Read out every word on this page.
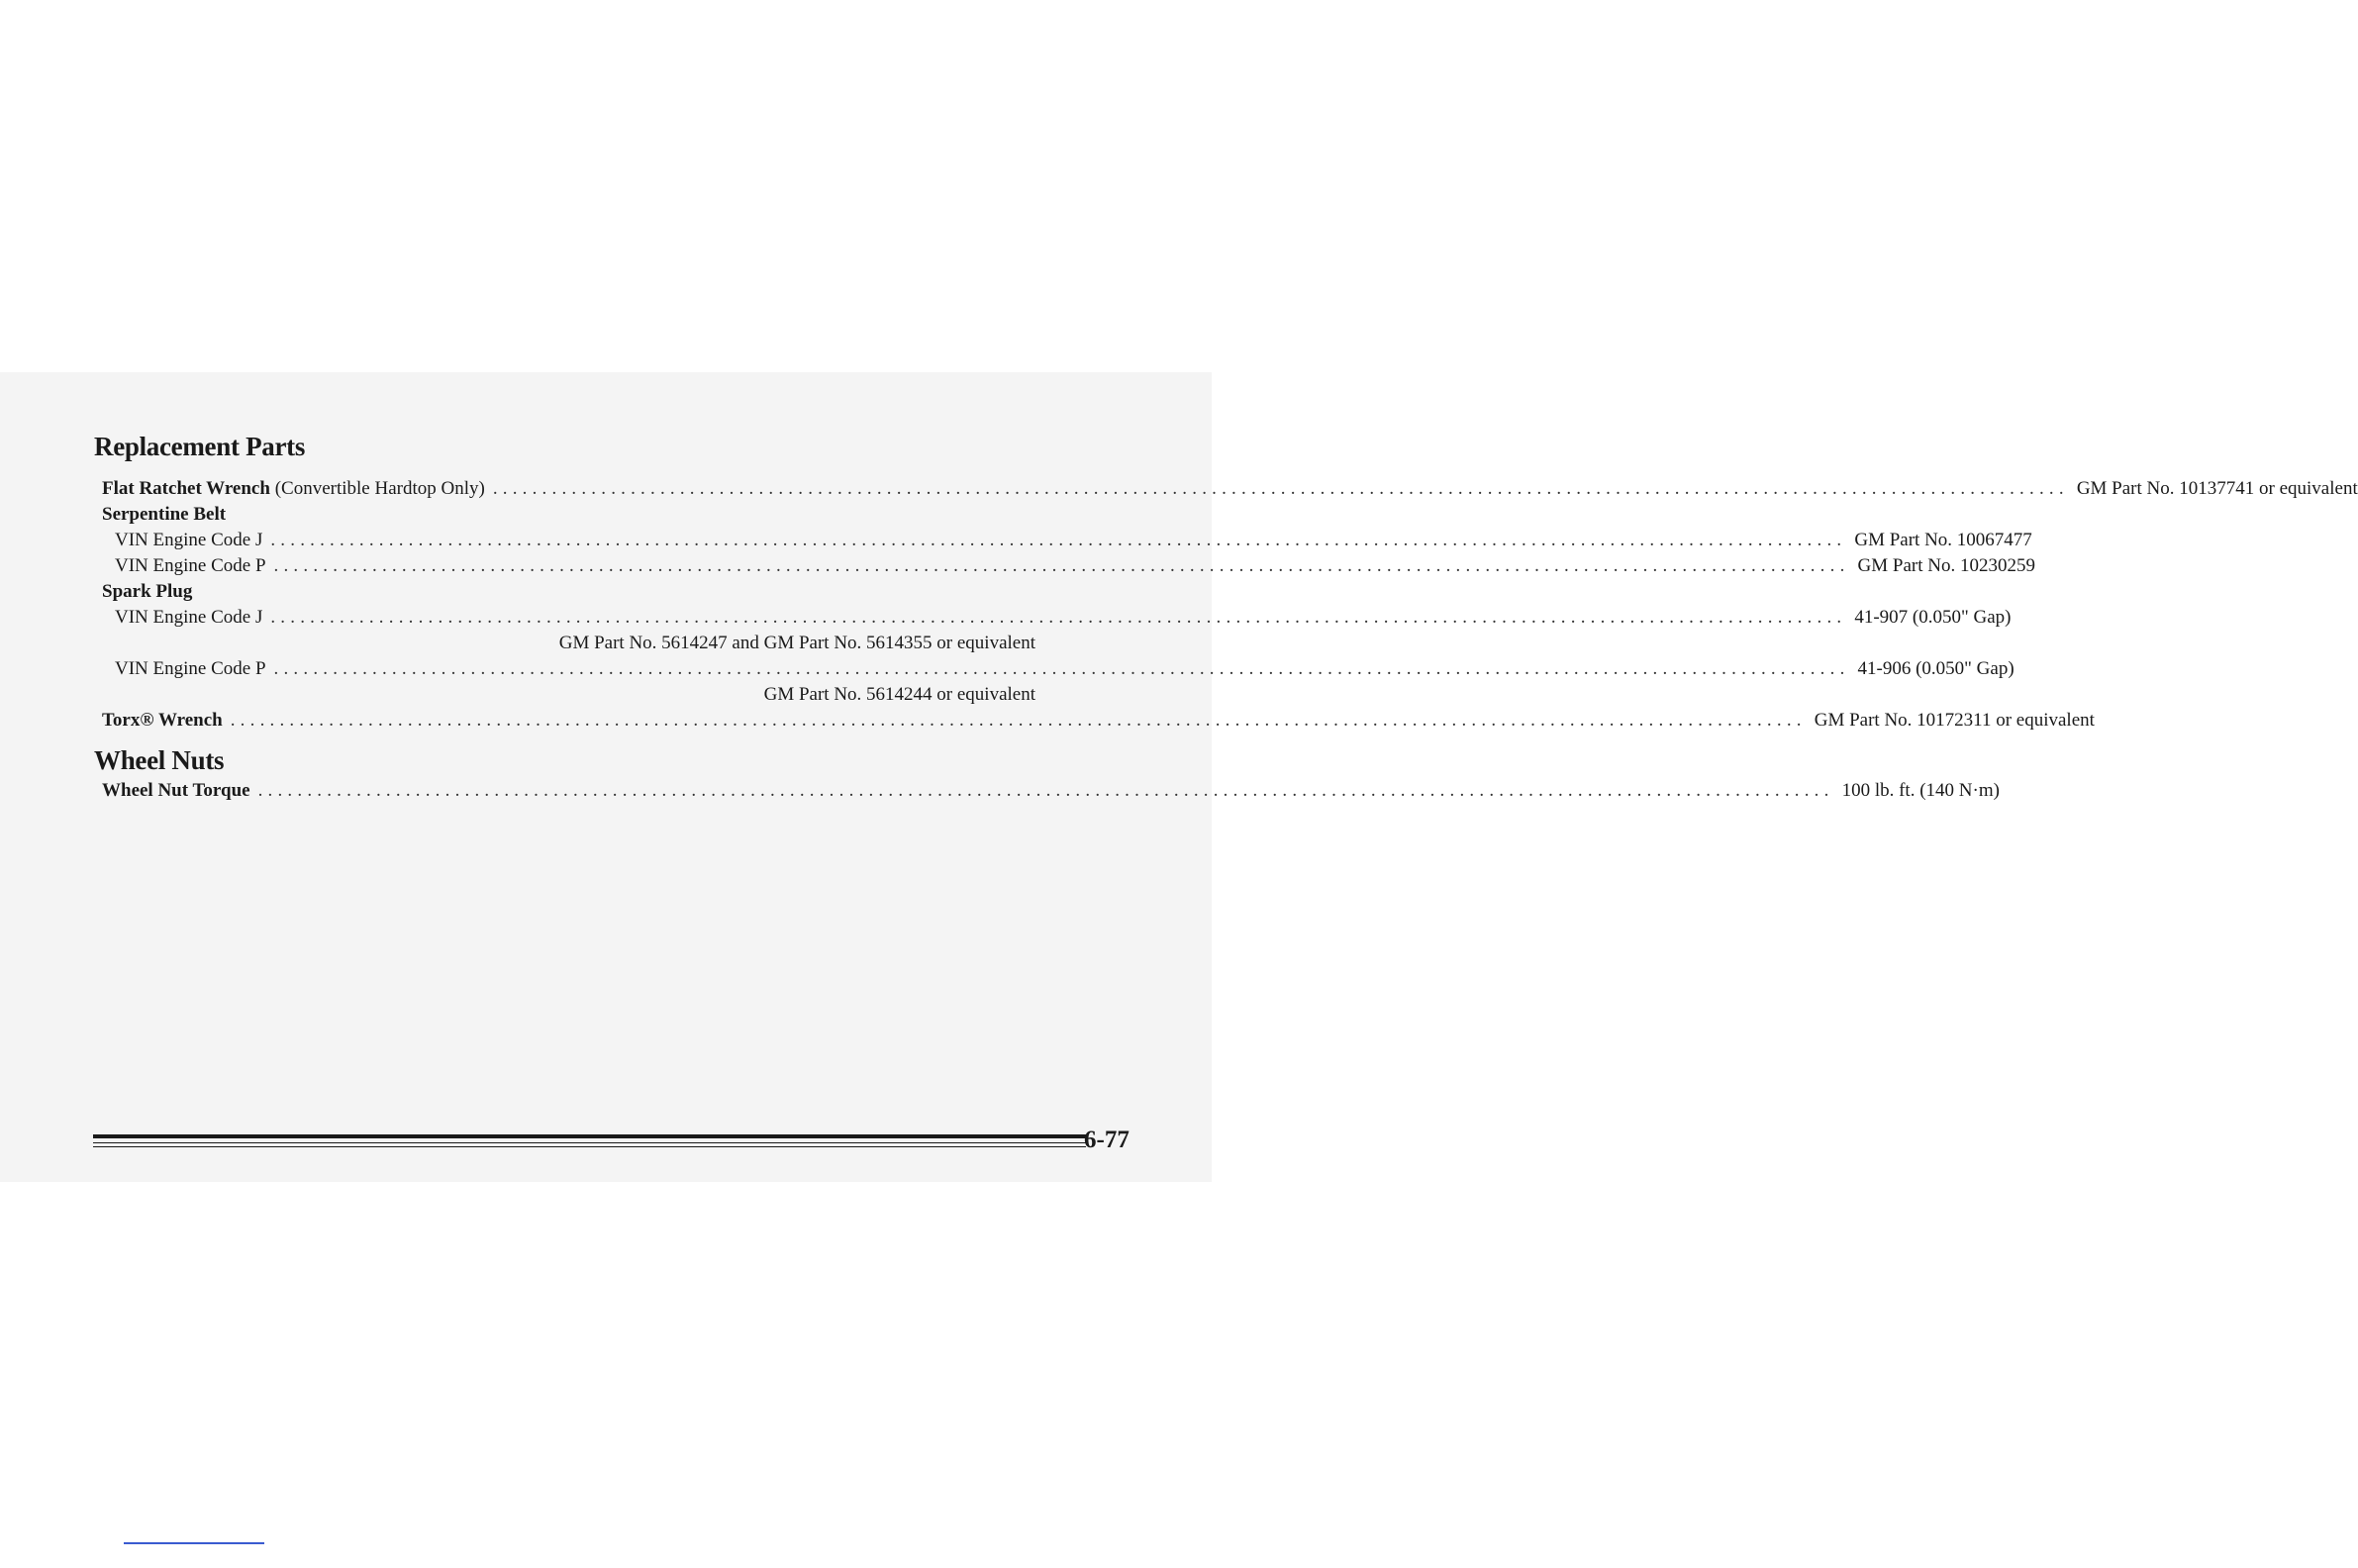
Replacement Parts
Flat Ratchet Wrench (Convertible Hardtop Only) ................................................................................................................................................................ GM Part No. 10137741 or equivalent
Serpentine Belt
VIN Engine Code J ................................................................................................................................................................ GM Part No. 10067477
VIN Engine Code P ................................................................................................................................................................ GM Part No. 10230259
Spark Plug
VIN Engine Code J ................................................................................................................................................................ 41-907 (0.050" Gap)
GM Part No. 5614247 and GM Part No. 5614355 or equivalent
VIN Engine Code P ................................................................................................................................................................ 41-906 (0.050" Gap)
GM Part No. 5614244 or equivalent
Torx® Wrench ................................................................................................................................................................ GM Part No. 10172311 or equivalent
Wheel Nuts
Wheel Nut Torque ................................................................................................................................................................ 100 lb. ft. (140 N·m)
6-77
